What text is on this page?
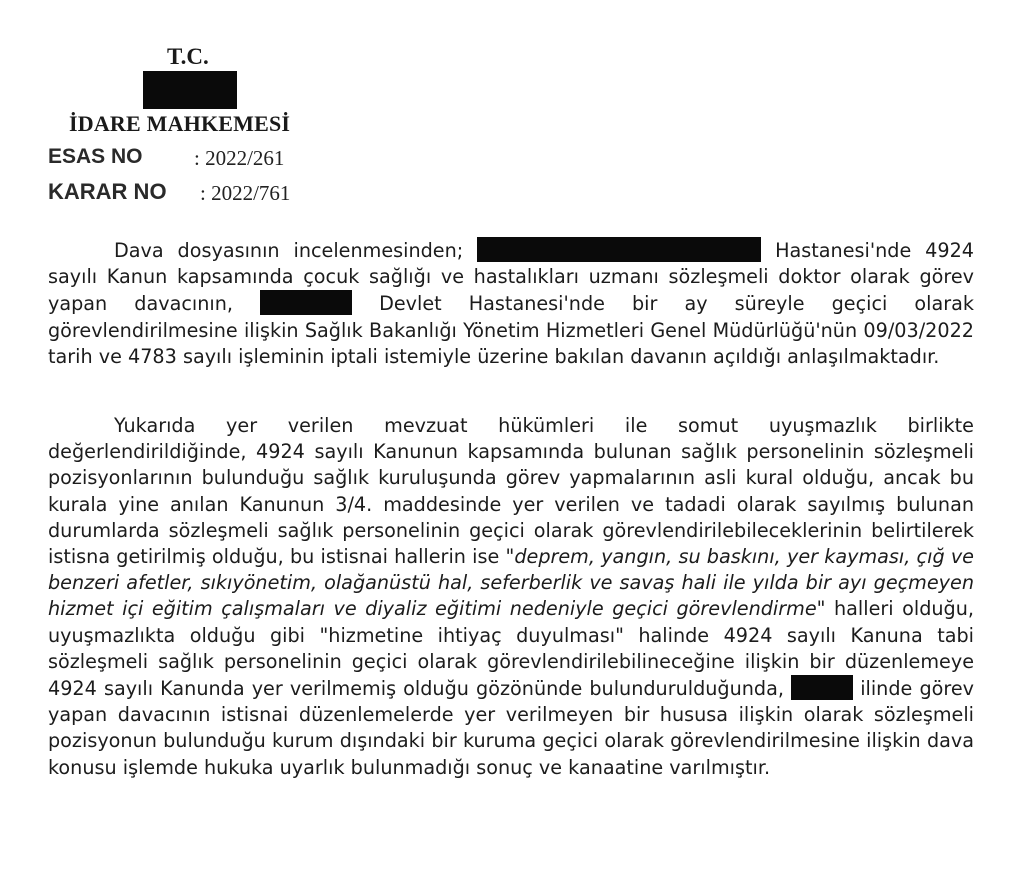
T.C.
İDARE MAHKEMESİ
ESAS NO : 2022/261
KARAR NO : 2022/761

Dava dosyasının incelenmesinden;	Hastanesi'nde 4924 sayılı Kanun kapsamında çocuk sağlığı ve hastalıkları uzmanı sözleşmeli doktor olarak görev yapan davacının,	Devlet Hastanesi'nde bir ay süreyle geçici olarak görevlendirilmesine ilişkin Sağlık Bakanlığı Yönetim Hizmetleri Genel Müdürlüğü'nün 09/03/2022 tarih ve 4783 sayılı işleminin iptali istemiyle üzerine bakılan davanın açıldığı anlaşılmaktadır.

Yukarıda yer verilen mevzuat hükümleri ile somut uyuşmazlık birlikte değerlendirildiğinde, 4924 sayılı Kanunun kapsamında bulunan sağlık personelinin sözleşmeli pozisyonlarının bulunduğu sağlık kuruluşunda görev yapmalarının asli kural olduğu, ancak bu kurala yine anılan Kanunun 3/4. maddesinde yer verilen ve tadadi olarak sayılmış bulunan durumlarda sözleşmeli sağlık personelinin geçici olarak görevlendirilebileceklerinin belirtilerek istisna getirilmiş olduğu, bu istisnai hallerin ise "deprem, yangın, su baskını, yer kayması, çığ ve benzeri afetler, sıkıyönetim, olağanüstü hal, seferberlik ve savaş hali ile yılda bir ayı geçmeyen hizmet içi eğitim çalışmaları ve diyaliz eğitimi nedeniyle geçici görevlendirme" halleri olduğu, uyuşmazlıkta olduğu gibi "hizmetine ihtiyaç duyulması" halinde 4924 sayılı Kanuna tabi sözleşmeli sağlık personelinin geçici olarak görevlendirilebilineceğine ilişkin bir düzenlemeye 4924 sayılı Kanunda yer verilmemiş olduğu gözönünde bulundurulduğunda,	ilinde görev yapan davacının istisnai düzenlemelerde yer verilmeyen bir hususa ilişkin olarak sözleşmeli pozisyonun bulunduğu kurum dışındaki bir kuruma geçici olarak görevlendirilmesine ilişkin dava konusu işlemde hukuka uyarlık bulunmadığı sonuç ve kanaatine varılmıştır.
